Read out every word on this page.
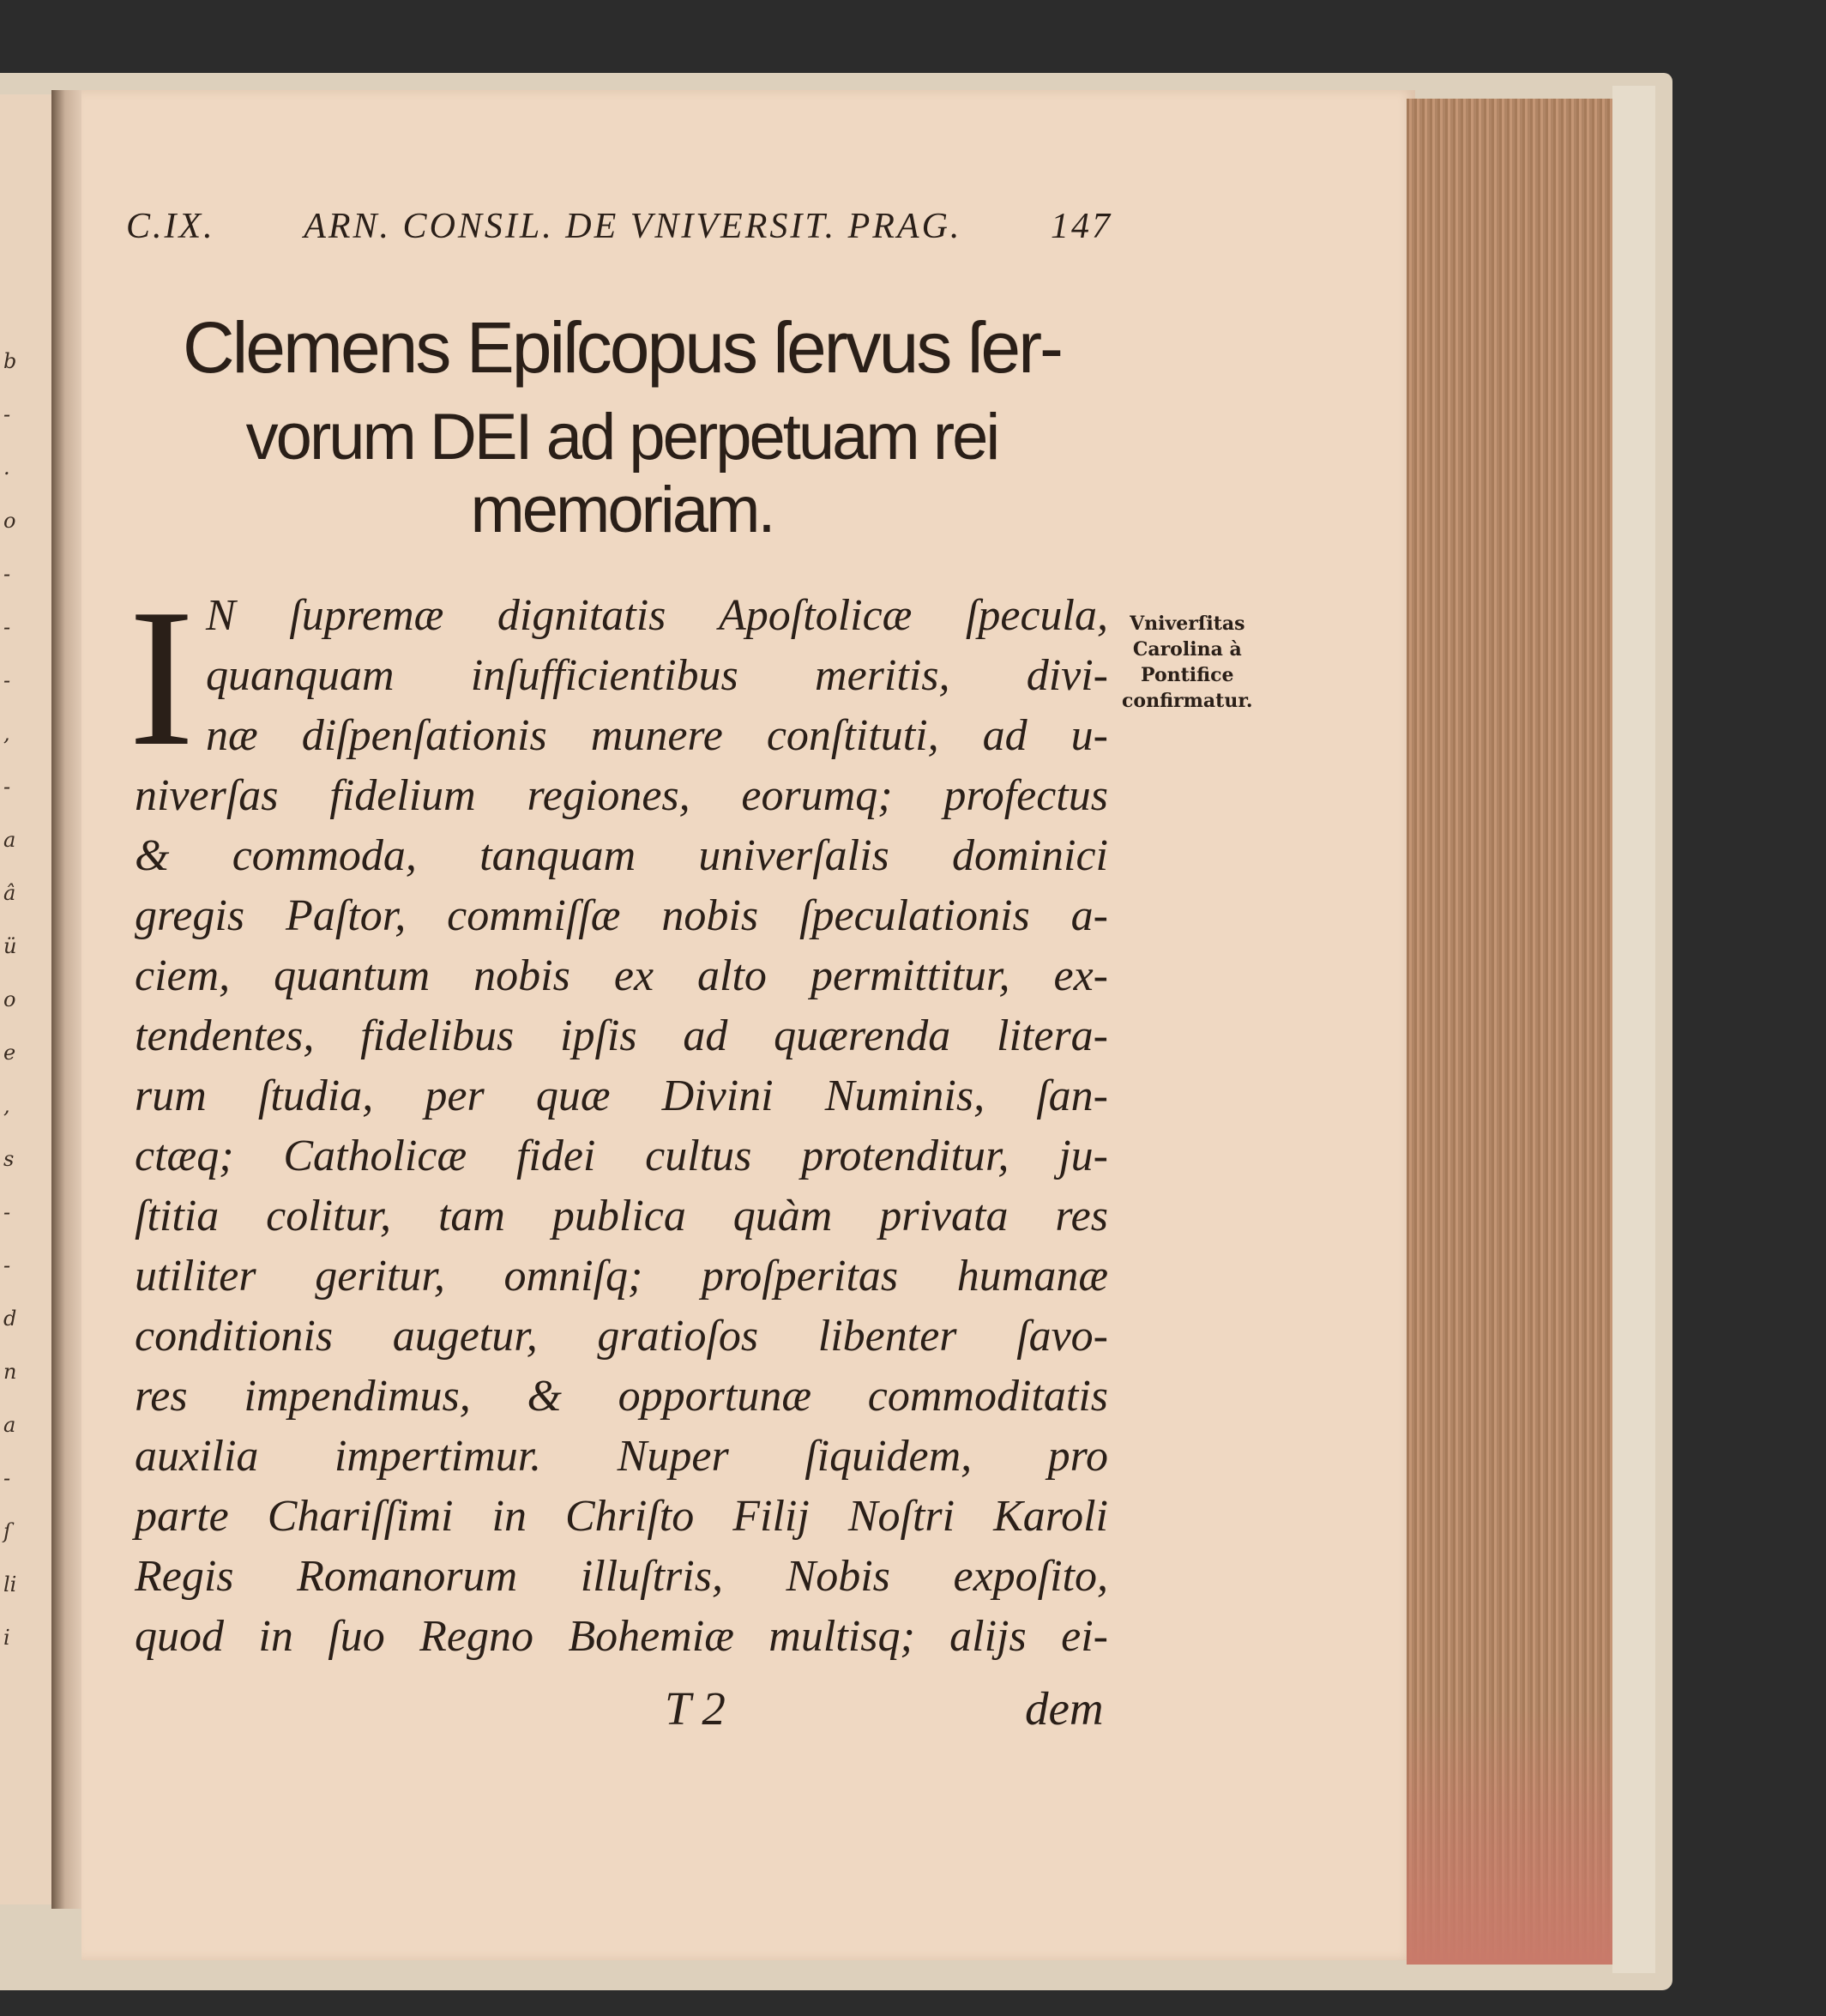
b
-
.
o
-
-
-
,
-
a
â
ü
o
e
,
s
-
-
d
n
a
-
ſ
li
i
C.IX. ARN. CONSIL. DE VNIVERSIT. PRAG. 147
Clemens Epiſcopus ſervus ſer-
vorum DEI ad perpetuam rei
memoriam.
I N ſupremæ dignitatis Apoſtolicæ ſpecula,
quanquam inſufficientibus meritis, divi-
næ diſpenſationis munere conſtituti, ad u-
niverſas fidelium regiones, eorumq; profectus
& commoda, tanquam univerſalis dominici
gregis Paſtor, commiſſæ nobis ſpeculationis a-
ciem, quantum nobis ex alto permittitur, ex-
tendentes, fidelibus ipſis ad quærenda litera-
rum ſtudia, per quæ Divini Numinis, ſan-
ctæq; Catholicæ fidei cultus protenditur, ju-
ſtitia colitur, tam publica quàm privata res
utiliter geritur, omniſq; proſperitas humanæ
conditionis augetur, gratioſos libenter ſavo-
res impendimus, & opportunæ commoditatis
auxilia impertimur. Nuper ſiquidem, pro
parte Chariſſimi in Chriſto Filij Noſtri Karoli
Regis Romanorum illuſtris, Nobis expoſito,
quod in ſuo Regno Bohemiæ multisq; alijs ei-
Vniverſitas
Carolina à
Pontifice
confirmatur.
T 2	dem
